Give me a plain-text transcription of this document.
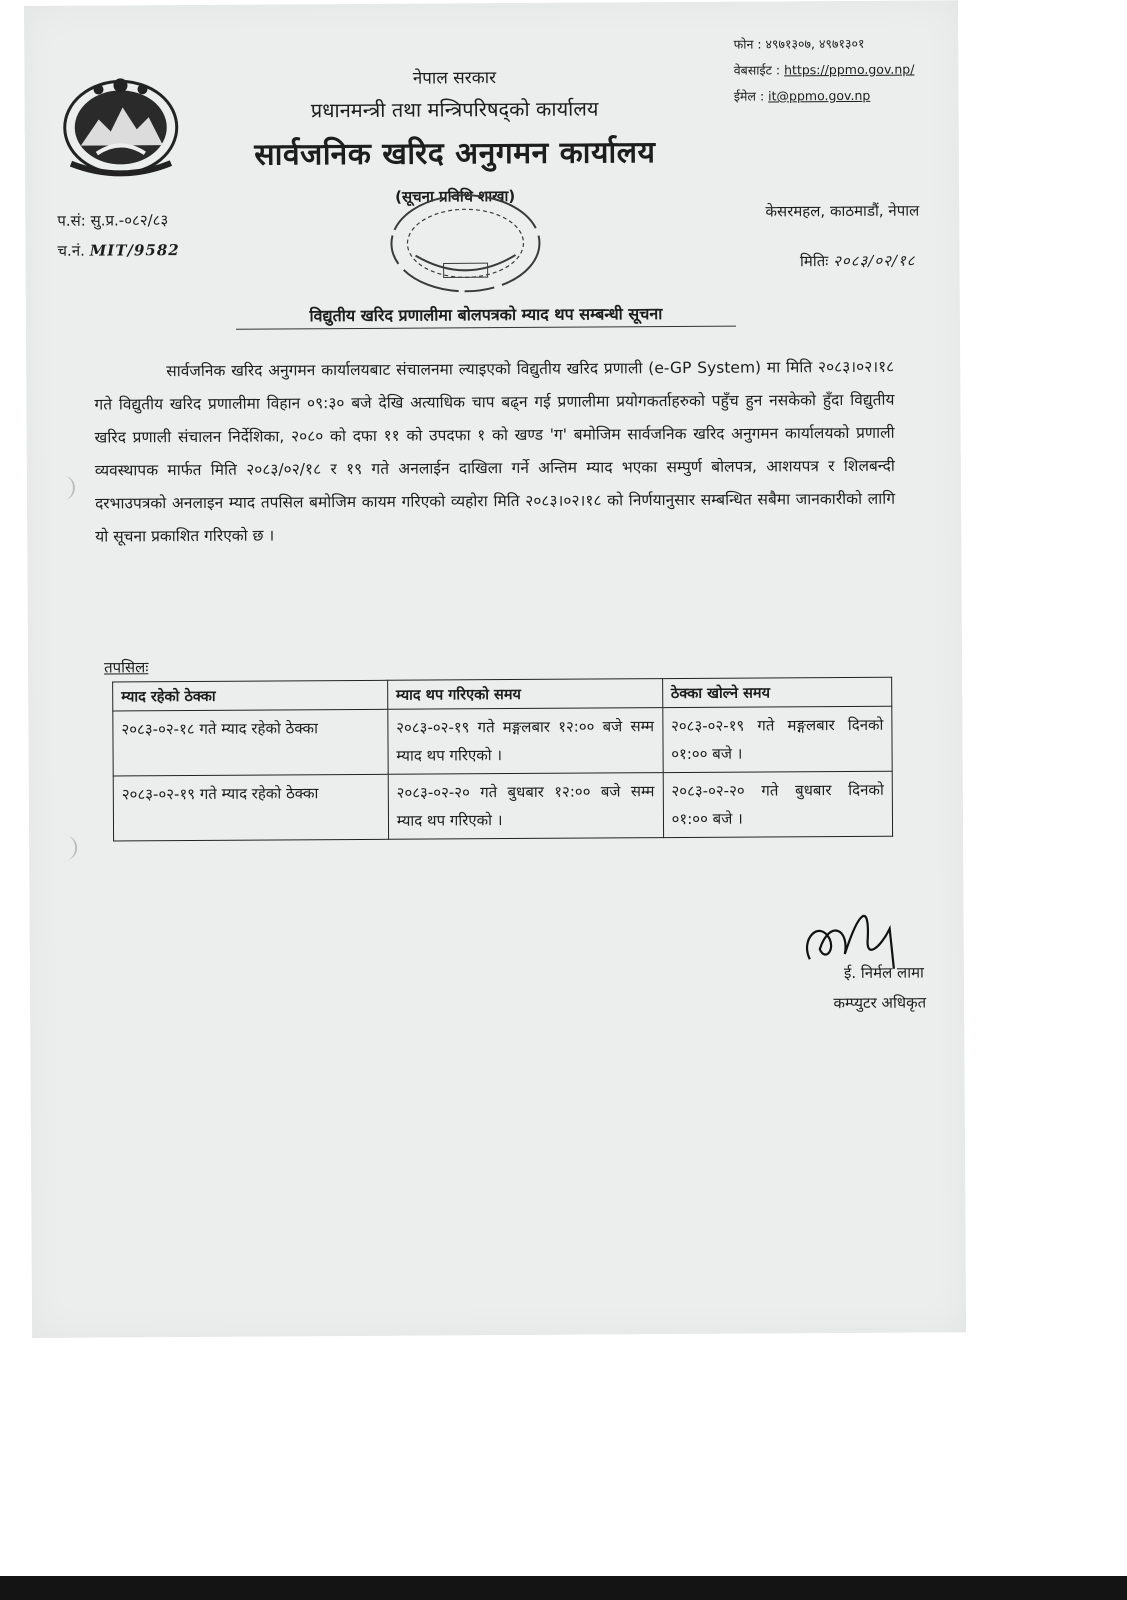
नेपाल सरकार
प्रधानमन्त्री तथा मन्त्रिपरिषद्को कार्यालय
सार्वजनिक खरिद अनुगमन कार्यालय
(सूचना प्रविधि शाखा)
फोन : ४९७१३०७, ४९७१३०१
वेबसाईट : https://ppmo.gov.np/
ईमेल : it@ppmo.gov.np
प.सं: सु.प्र.-०८२/८३
च.नं. MIT/9582
केसरमहल, काठमाडौं, नेपाल
मितिः २०८३/०२/१८
विद्युतीय खरिद प्रणालीमा बोलपत्रको म्याद थप सम्बन्धी सूचना

सार्वजनिक खरिद अनुगमन कार्यालयबाट संचालनमा ल्याइएको विद्युतीय खरिद प्रणाली (e-GP System) मा मिति २०८३।०२।१८ गते विद्युतीय खरिद प्रणालीमा विहान ०९:३० बजे देखि अत्याधिक चाप बढ्न गई प्रणालीमा प्रयोगकर्ताहरुको पहुँच हुन नसकेको हुँदा विद्युतीय खरिद प्रणाली संचालन निर्देशिका, २०८० को दफा ११ को उपदफा १ को खण्ड 'ग' बमोजिम सार्वजनिक खरिद अनुगमन कार्यालयको प्रणाली व्यवस्थापक मार्फत मिति २०८३/०२/१८ र १९ गते अनलाईन दाखिला गर्ने अन्तिम म्याद भएका सम्पुर्ण बोलपत्र, आशयपत्र र शिलबन्दी दरभाउपत्रको अनलाइन म्याद तपसिल बमोजिम कायम गरिएको व्यहोरा मिति २०८३।०२।१८ को निर्णयानुसार सम्बन्धित सबैमा जानकारीको लागि यो सूचना प्रकाशित गरिएको छ ।

तपसिलः
म्याद रहेको ठेक्का	म्याद थप गरिएको समय	ठेक्का खोल्ने समय
२०८३-०२-१८ गते म्याद रहेको ठेक्का	२०८३-०२-१९ गते मङ्गलबार १२:०० बजे सम्म म्याद थप गरिएको ।	२०८३-०२-१९ गते मङ्गलबार दिनको ०१:०० बजे ।
२०८३-०२-१९ गते म्याद रहेको ठेक्का	२०८३-०२-२० गते बुधबार १२:०० बजे सम्म म्याद थप गरिएको ।	२०८३-०२-२० गते बुधबार दिनको ०१:०० बजे ।
ई. निर्मल लामा
कम्प्युटर अधिकृत
